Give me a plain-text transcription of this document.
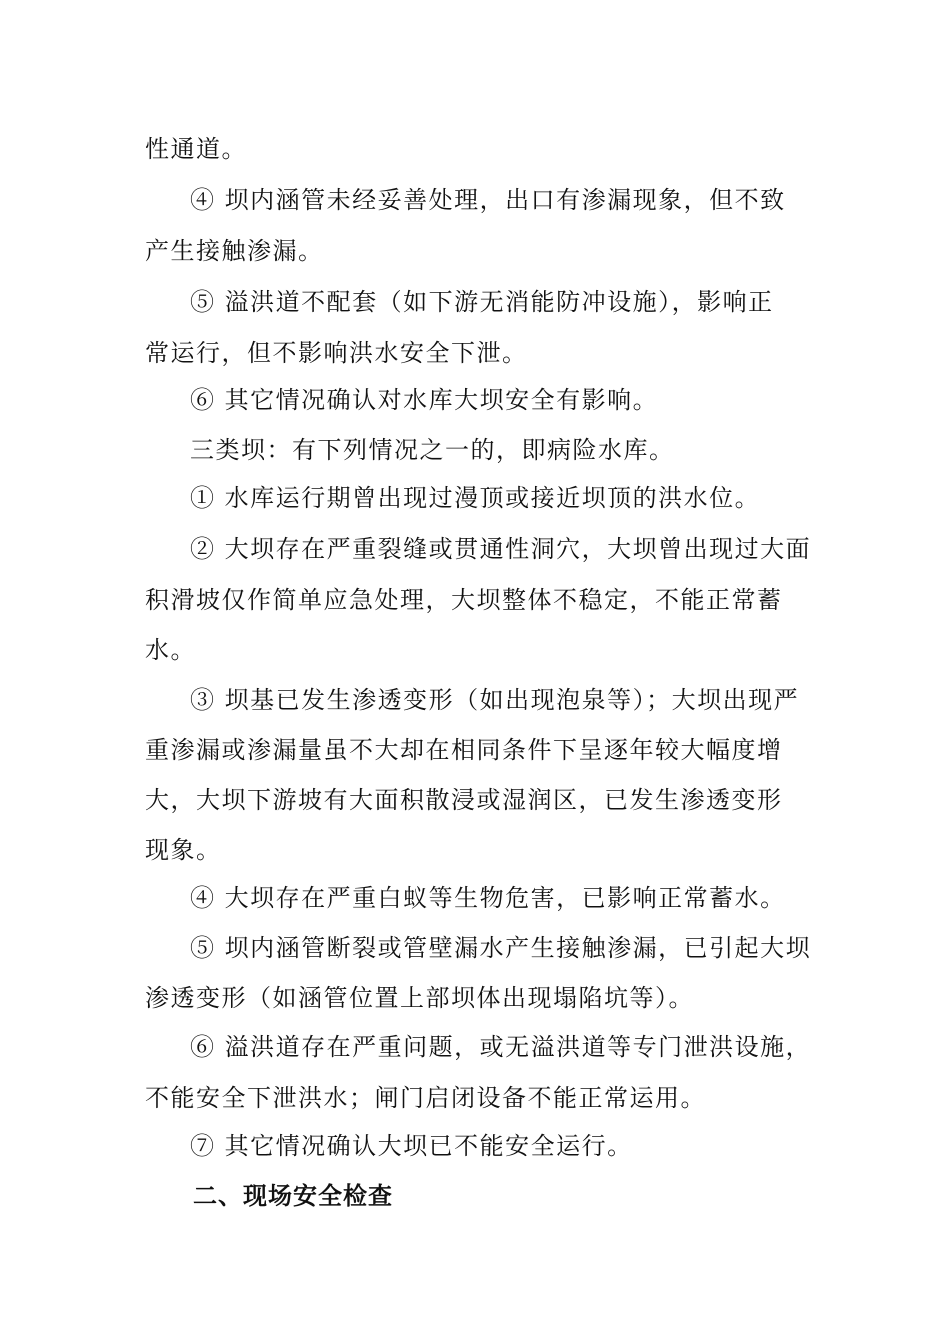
性通道。

④ 坝内涵管未经妥善处理，出口有渗漏现象，但不致

产生接触渗漏。

⑤ 溢洪道不配套（如下游无消能防冲设施），影响正

常运行，但不影响洪水安全下泄。

⑥ 其它情况确认对水库大坝安全有影响。

三类坝：有下列情况之一的，即病险水库。

① 水库运行期曾出现过漫顶或接近坝顶的洪水位。

② 大坝存在严重裂缝或贯通性洞穴，大坝曾出现过大面

积滑坡仅作简单应急处理，大坝整体不稳定，不能正常蓄

水。

③ 坝基已发生渗透变形（如出现泡泉等）；大坝出现严

重渗漏或渗漏量虽不大却在相同条件下呈逐年较大幅度增

大，大坝下游坡有大面积散浸或湿润区，已发生渗透变形

现象。

④ 大坝存在严重白蚁等生物危害，已影响正常蓄水。

⑤ 坝内涵管断裂或管壁漏水产生接触渗漏，已引起大坝

渗透变形（如涵管位置上部坝体出现塌陷坑等）。

⑥ 溢洪道存在严重问题，或无溢洪道等专门泄洪设施，

不能安全下泄洪水；闸门启闭设备不能正常运用。

⑦ 其它情况确认大坝已不能安全运行。

二、现场安全检查
